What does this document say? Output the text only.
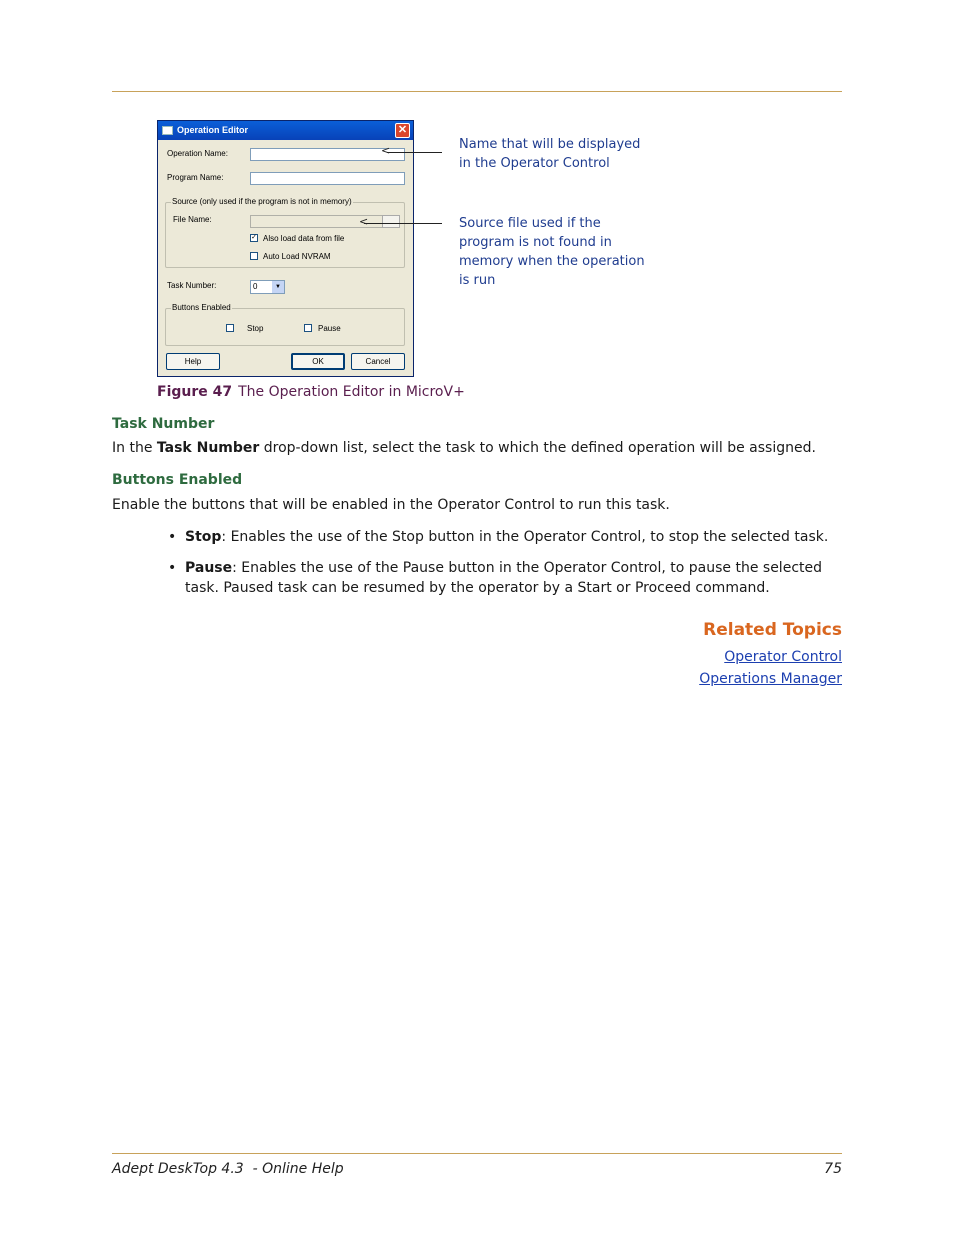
Operation Editor	✕
Operation Name:
Program Name:
Source (only used if the program is not in memory)
File Name:
✓ Also load data from file
Auto Load NVRAM
Task Number:	0	▼
Buttons Enabled
Stop	Pause
Help	OK	Cancel
<	Name that will be displayed
in the Operator Control
<	Source file used if the
program is not found in
memory when the operation
is run
Figure 47 The Operation Editor in MicroV+
Task Number
In the Task Number drop-down list, select the task to which the defined operation will be assigned.
Buttons Enabled
Enable the buttons that will be enabled in the Operator Control to run this task.
• Stop: Enables the use of the Stop button in the Operator Control, to stop the selected task.
• Pause: Enables the use of the Pause button in the Operator Control, to pause the selected task. Paused task can be resumed by the operator by a Start or Proceed command.
Related Topics
Operator Control
Operations Manager
Adept DeskTop 4.3  - Online Help	75
